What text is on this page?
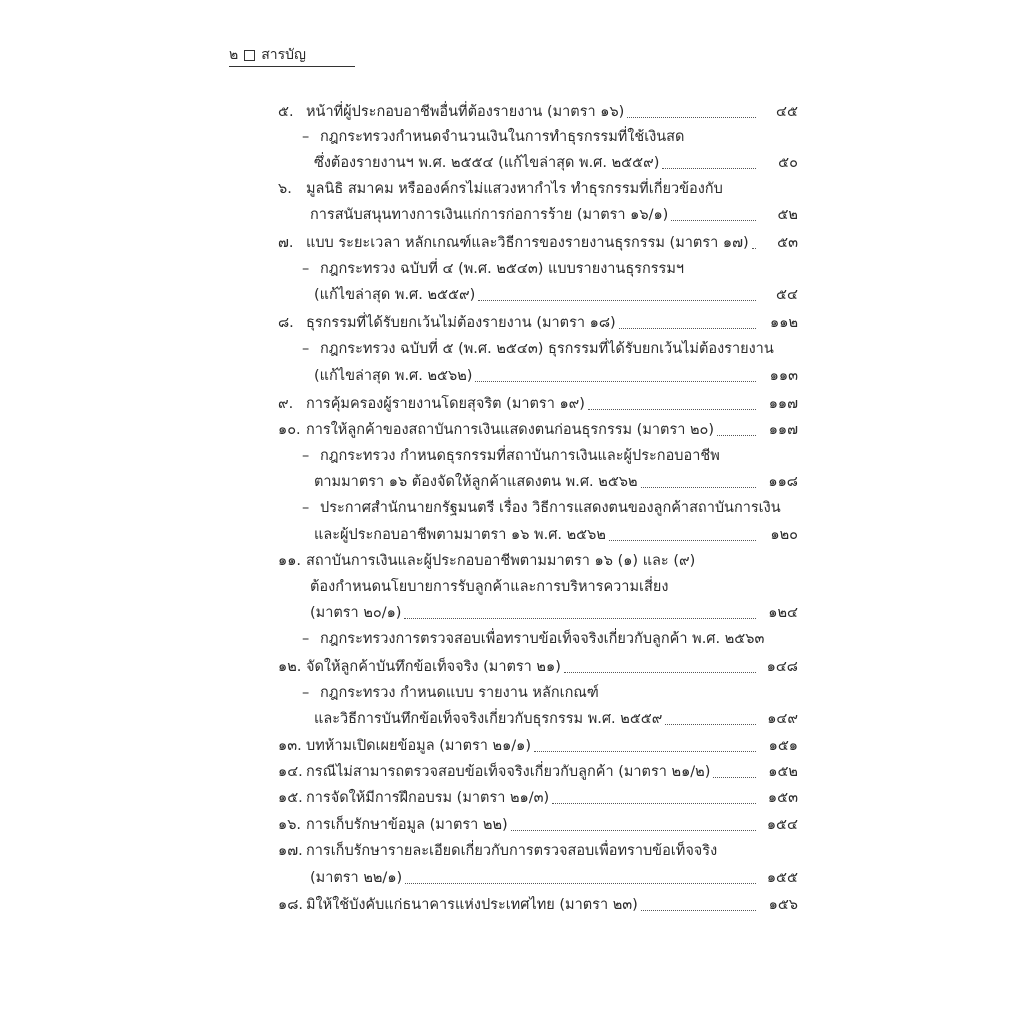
๒ สารบัญ
๕. หน้าที่ผู้ประกอบอาชีพอื่นที่ต้องรายงาน (มาตรา ๑๖)	๔๕
– กฎกระทรวงกำหนดจำนวนเงินในการทำธุรกรรมที่ใช้เงินสด
ซึ่งต้องรายงานฯ พ.ศ. ๒๕๕๔ (แก้ไขล่าสุด พ.ศ. ๒๕๕๙)	๕๐
๖. มูลนิธิ สมาคม หรือองค์กรไม่แสวงหากำไร ทำธุรกรรมที่เกี่ยวข้องกับ
การสนับสนุนทางการเงินแก่การก่อการร้าย (มาตรา ๑๖/๑)	๕๒
๗. แบบ ระยะเวลา หลักเกณฑ์และวิธีการของรายงานธุรกรรม (มาตรา ๑๗)	๕๓
– กฎกระทรวง ฉบับที่ ๔ (พ.ศ. ๒๕๔๓) แบบรายงานธุรกรรมฯ
(แก้ไขล่าสุด พ.ศ. ๒๕๕๙)	๕๔
๘. ธุรกรรมที่ได้รับยกเว้นไม่ต้องรายงาน (มาตรา ๑๘)	๑๑๒
– กฎกระทรวง ฉบับที่ ๕ (พ.ศ. ๒๕๔๓) ธุรกรรมที่ได้รับยกเว้นไม่ต้องรายงาน
(แก้ไขล่าสุด พ.ศ. ๒๕๖๒)	๑๑๓
๙. การคุ้มครองผู้รายงานโดยสุจริต (มาตรา ๑๙)	๑๑๗
๑๐. การให้ลูกค้าของสถาบันการเงินแสดงตนก่อนธุรกรรม (มาตรา ๒๐)	๑๑๗
– กฎกระทรวง กำหนดธุรกรรมที่สถาบันการเงินและผู้ประกอบอาชีพ
ตามมาตรา ๑๖ ต้องจัดให้ลูกค้าแสดงตน พ.ศ. ๒๕๖๒	๑๑๘
– ประกาศสำนักนายกรัฐมนตรี เรื่อง วิธีการแสดงตนของลูกค้าสถาบันการเงิน
และผู้ประกอบอาชีพตามมาตรา ๑๖ พ.ศ. ๒๕๖๒	๑๒๐
๑๑. สถาบันการเงินและผู้ประกอบอาชีพตามมาตรา ๑๖ (๑) และ (๙)
ต้องกำหนดนโยบายการรับลูกค้าและการบริหารความเสี่ยง
(มาตรา ๒๐/๑)	๑๒๔
– กฎกระทรวงการตรวจสอบเพื่อทราบข้อเท็จจริงเกี่ยวกับลูกค้า พ.ศ. ๒๕๖๓
๑๒. จัดให้ลูกค้าบันทึกข้อเท็จจริง (มาตรา ๒๑)	๑๔๘
– กฎกระทรวง กำหนดแบบ รายงาน หลักเกณฑ์
และวิธีการบันทึกข้อเท็จจริงเกี่ยวกับธุรกรรม พ.ศ. ๒๕๕๙	๑๔๙
๑๓. บทห้ามเปิดเผยข้อมูล (มาตรา ๒๑/๑)	๑๕๑
๑๔. กรณีไม่สามารถตรวจสอบข้อเท็จจริงเกี่ยวกับลูกค้า (มาตรา ๒๑/๒)	๑๕๒
๑๕. การจัดให้มีการฝึกอบรม (มาตรา ๒๑/๓)	๑๕๓
๑๖. การเก็บรักษาข้อมูล (มาตรา ๒๒)	๑๕๔
๑๗. การเก็บรักษารายละเอียดเกี่ยวกับการตรวจสอบเพื่อทราบข้อเท็จจริง
(มาตรา ๒๒/๑)	๑๕๕
๑๘. มิให้ใช้บังคับแก่ธนาคารแห่งประเทศไทย (มาตรา ๒๓)	๑๕๖
